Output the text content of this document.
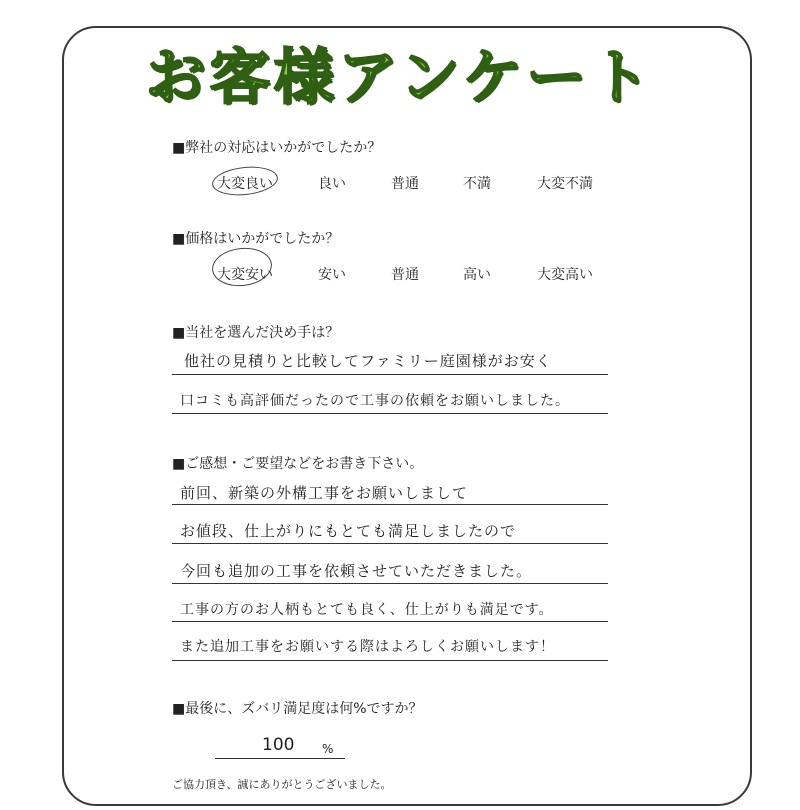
お客様アンケート
■弊社の対応はいかがでしたか？
大変良い	良い	普通	不満	大変不満
■価格はいかがでしたか？
大変安い	安い	普通	高い	大変高い
■当社を選んだ決め手は？
他社の見積りと比較してファミリー庭園様がお安く
口コミも高評価だったので工事の依頼をお願いしました。
■ご感想・ご要望などをお書き下さい。
前回、新築の外構工事をお願いしまして
お値段、仕上がりにもとても満足しましたので
今回も追加の工事を依頼させていただきました。
工事の方のお人柄もとても良く、仕上がりも満足です。
また追加工事をお願いする際はよろしくお願いします！
■最後に、ズバリ満足度は何%ですか？
100 %
ご協力頂き、誠にありがとうございました。
